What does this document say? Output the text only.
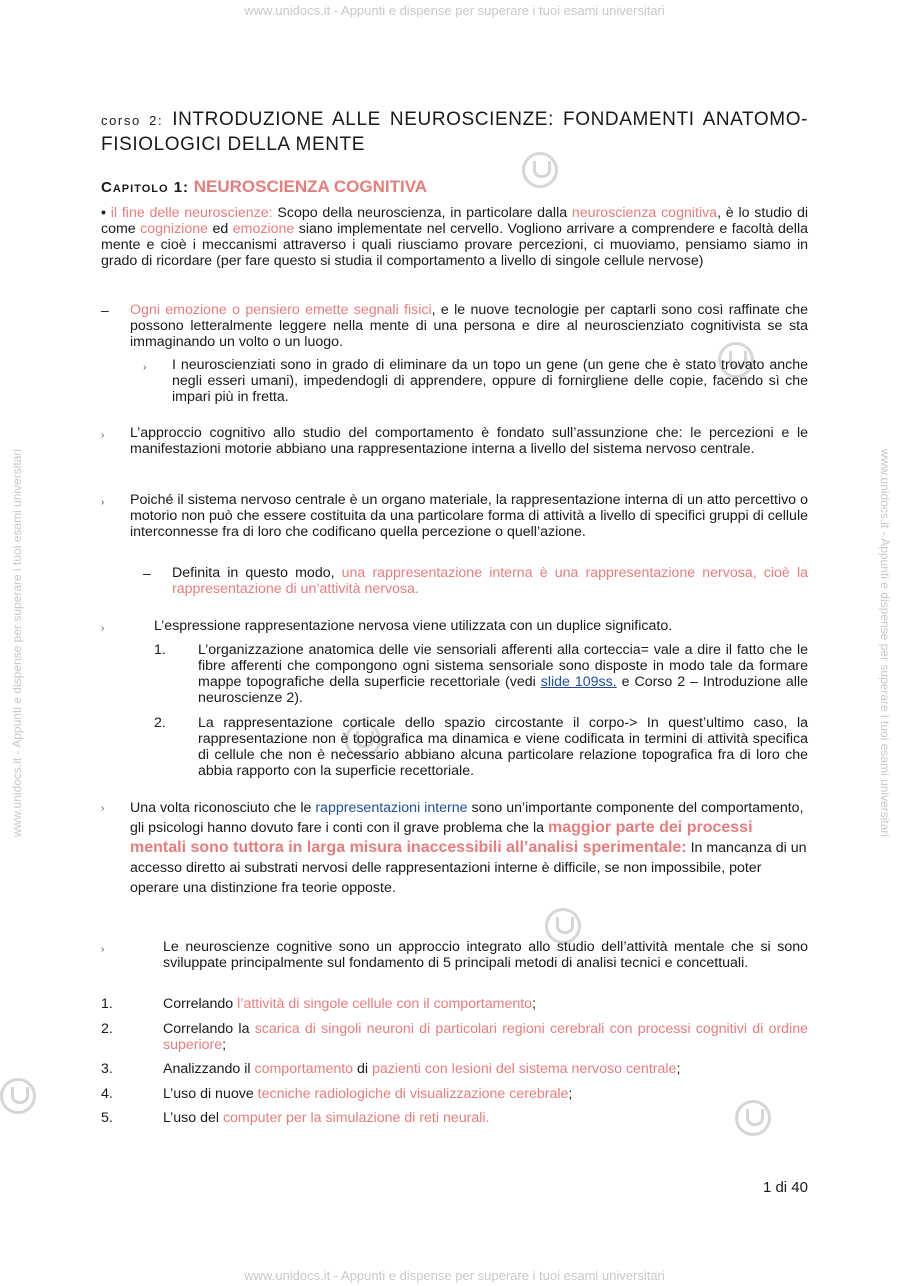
www.unidocs.it - Appunti e dispense per superare i tuoi esami universitari
www.unidocs.it - Appunti e dispense per superare i tuoi esami universitari
www.unidocs.it - Appunti e dispense per superare i tuoi esami universitari	www.unidocs.it - Appunti e dispense per superare i tuoi esami universitari
corso 2: INTRODUZIONE ALLE NEUROSCIENZE: FONDAMENTI ANATOMO- FISIOLOGICI DELLA MENTE
Capitolo 1: NEUROSCIENZA COGNITIVA
• il fine delle neuroscienze: Scopo della neuroscienza, in particolare dalla neuroscienza cognitiva, è lo studio di come cognizione ed emozione siano implementate nel cervello. Vogliono arrivare a comprendere e facoltà della mente e cioè i meccanismi attraverso i quali riusciamo provare percezioni, ci muoviamo, pensiamo siamo in grado di ricordare (per fare questo si studia il comportamento a livello di singole cellule nervose)
– Ogni emozione o pensiero emette segnali fisici, e le nuove tecnologie per captarli sono così raffinate che possono letteralmente leggere nella mente di una persona e dire al neuroscienziato cognitivista se sta immaginando un volto o un luogo.
› I neuroscienziati sono in grado di eliminare da un topo un gene (un gene che è stato trovato anche negli esseri umani), impedendogli di apprendere, oppure di fornirgliene delle copie, facendo sì che impari più in fretta.
› L’approccio cognitivo allo studio del comportamento è fondato sull’assunzione che: le percezioni e le manifestazioni motorie abbiano una rappresentazione interna a livello del sistema nervoso centrale.
› Poiché il sistema nervoso centrale è un organo materiale, la rappresentazione interna di un atto percettivo o motorio non può che essere costituita da una particolare forma di attività a livello di specifici gruppi di cellule interconnesse fra di loro che codificano quella percezione o quell’azione.
– Definita in questo modo, una rappresentazione interna è una rappresentazione nervosa, cioè la rappresentazione di un’attività nervosa.
›	L’espressione rappresentazione nervosa viene utilizzata con un duplice significato.
1. L’organizzazione anatomica delle vie sensoriali afferenti alla corteccia= vale a dire il fatto che le fibre afferenti che compongono ogni sistema sensoriale sono disposte in modo tale da formare mappe topografiche della superficie recettoriale (vedi slide 109ss. e Corso 2 – Introduzione alle neuroscienze 2).
2. La rappresentazione corticale dello spazio circostante il corpo-> In quest’ultimo caso, la rappresentazione non è topografica ma dinamica e viene codificata in termini di attività specifica di cellule che non è necessario abbiano alcuna particolare relazione topografica fra di loro che abbia rapporto con la superficie recettoriale.
› Una volta riconosciuto che le rappresentazioni interne sono un’importante componente del comportamento, gli psicologi hanno dovuto fare i conti con il grave problema che la maggior parte dei processi mentali sono tuttora in larga misura inaccessibili all’analisi sperimentale: In mancanza di un accesso diretto ai substrati nervosi delle rappresentazioni interne è difficile, se non impossibile, poter operare una distinzione fra teorie opposte.
›	Le neuroscienze cognitive sono un approccio integrato allo studio dell’attività mentale che si sono sviluppate principalmente sul fondamento di 5 principali metodi di analisi tecnici e concettuali.
1.	Correlando l’attività di singole cellule con il comportamento;
2.	Correlando la scarica di singoli neuroni di particolari regioni cerebrali con processi cognitivi di ordine superiore;
3.	Analizzando il comportamento di pazienti con lesioni del sistema nervoso centrale;
4.	L’uso di nuove tecniche radiologiche di visualizzazione cerebrale;
5.	L’uso del computer per la simulazione di reti neurali.
1 di 40
